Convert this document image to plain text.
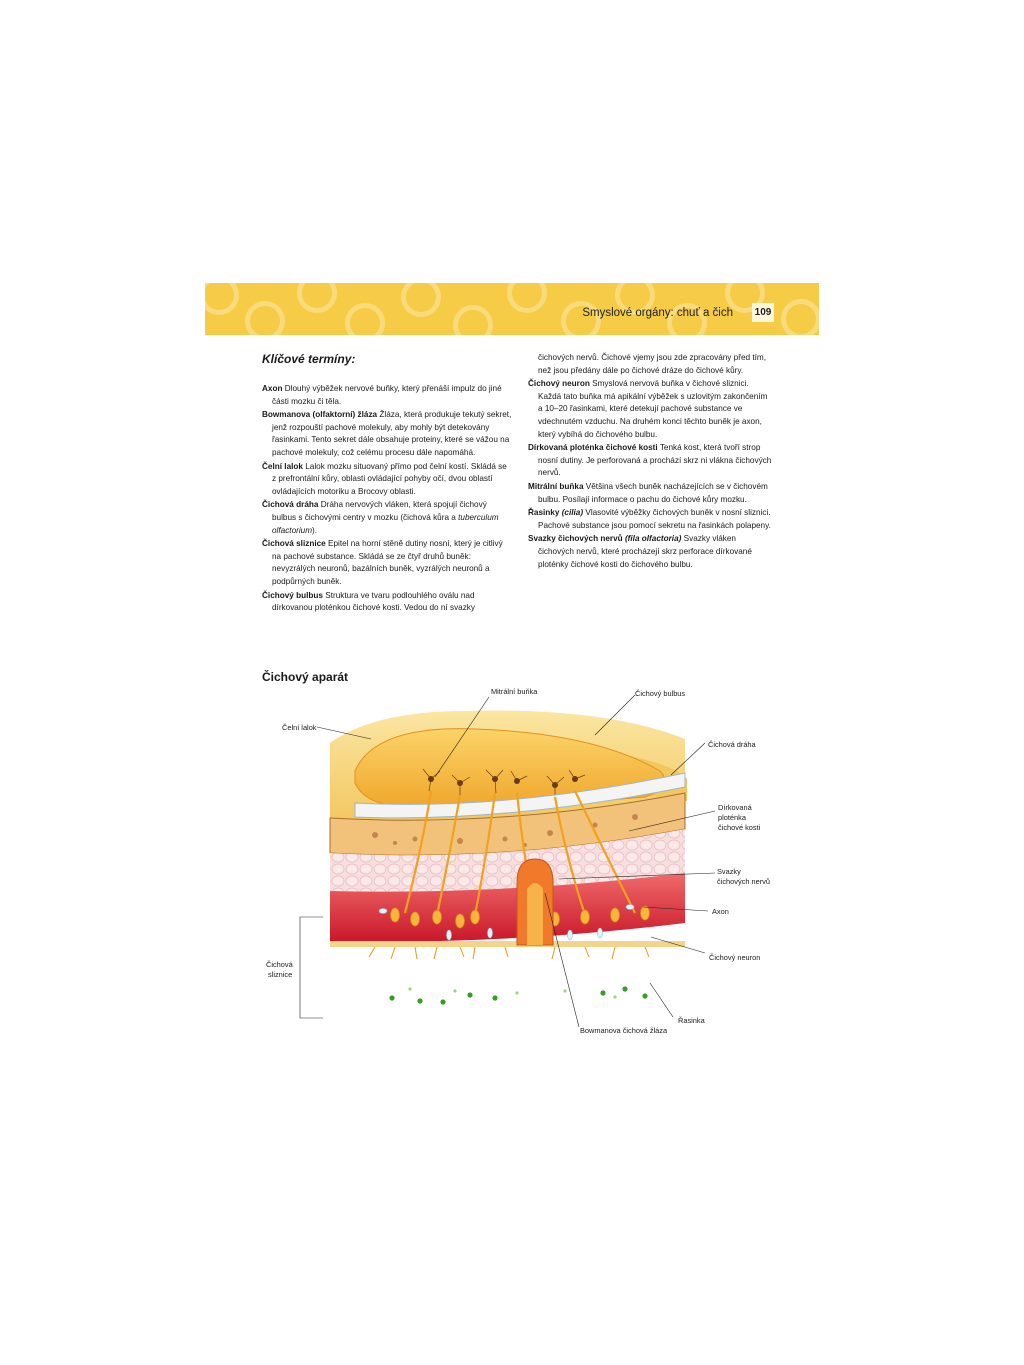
Smyslové orgány: chuť a čich 109
Klíčové termíny:

Axon Dlouhý výběžek nervové buňky, který přenáší impulz do jiné části mozku či těla.

Bowmanova (olfaktorní) žláza Žláza, která produkuje tekutý sekret, jenž rozpouští pachové molekuly, aby mohly být detekovány řasinkami. Tento sekret dále obsahuje proteiny, které se vážou na pachové molekuly, což celému procesu dále napomáhá.

Čelní lalok Lalok mozku situovaný přímo pod čelní kostí. Skládá se z prefrontální kůry, oblasti ovládající pohyby očí, dvou oblastí ovládajících motoriku a Brocovy oblasti.

Čichová dráha Dráha nervových vláken, která spojují čichový bulbus s čichovými centry v mozku (čichová kůra a tuberculum olfactorium).

Čichová sliznice Epitel na horní stěně dutiny nosní, který je citlivý na pachové substance. Skládá se ze čtyř druhů buněk: nevyzrálých neuronů, bazálních buněk, vyzrálých neuronů a podpůrných buněk.

Čichový bulbus Struktura ve tvaru podlouhlého oválu nad dírkovanou ploténkou čichové kosti. Vedou do ní svazky

čichových nervů. Čichové vjemy jsou zde zpracovány před tím, než jsou předány dále po čichové dráze do čichové kůry.

Čichový neuron Smyslová nervová buňka v čichové sliznici. Každá tato buňka má apikální výběžek s uzlovitým zakončením a 10–20 řasinkami, které detekují pachové substance ve vdechnutém vzduchu. Na druhém konci těchto buněk je axon, který vybíhá do čichového bulbu.

Dírkovaná ploténka čichové kosti Tenká kost, která tvoří strop nosní dutiny. Je perforovaná a prochází skrz ni vlákna čichových nervů.

Mitrální buňka Většina všech buněk nacházejících se v čichovém bulbu. Posílají informace o pachu do čichové kůry mozku.

Řasinky (cilia) Vlasovité výběžky čichových buněk v nosní sliznici. Pachové substance jsou pomocí sekretu na řasinkách polapeny.

Svazky čichových nervů (fila olfactoria) Svazky vláken čichových nervů, které procházejí skrz perforace dírkované ploténky čichové kosti do čichového bulbu.

Čichový aparát
Mitrální buňka	Čichový bulbus
Čelní lalok
Čichová dráha
Dírkovaná
ploténka
čichové kosti
Svazky
čichových nervů
Axon
Čichový neuron
Čichová
sliznice
Řasinka
Bowmanova čichová žláza
